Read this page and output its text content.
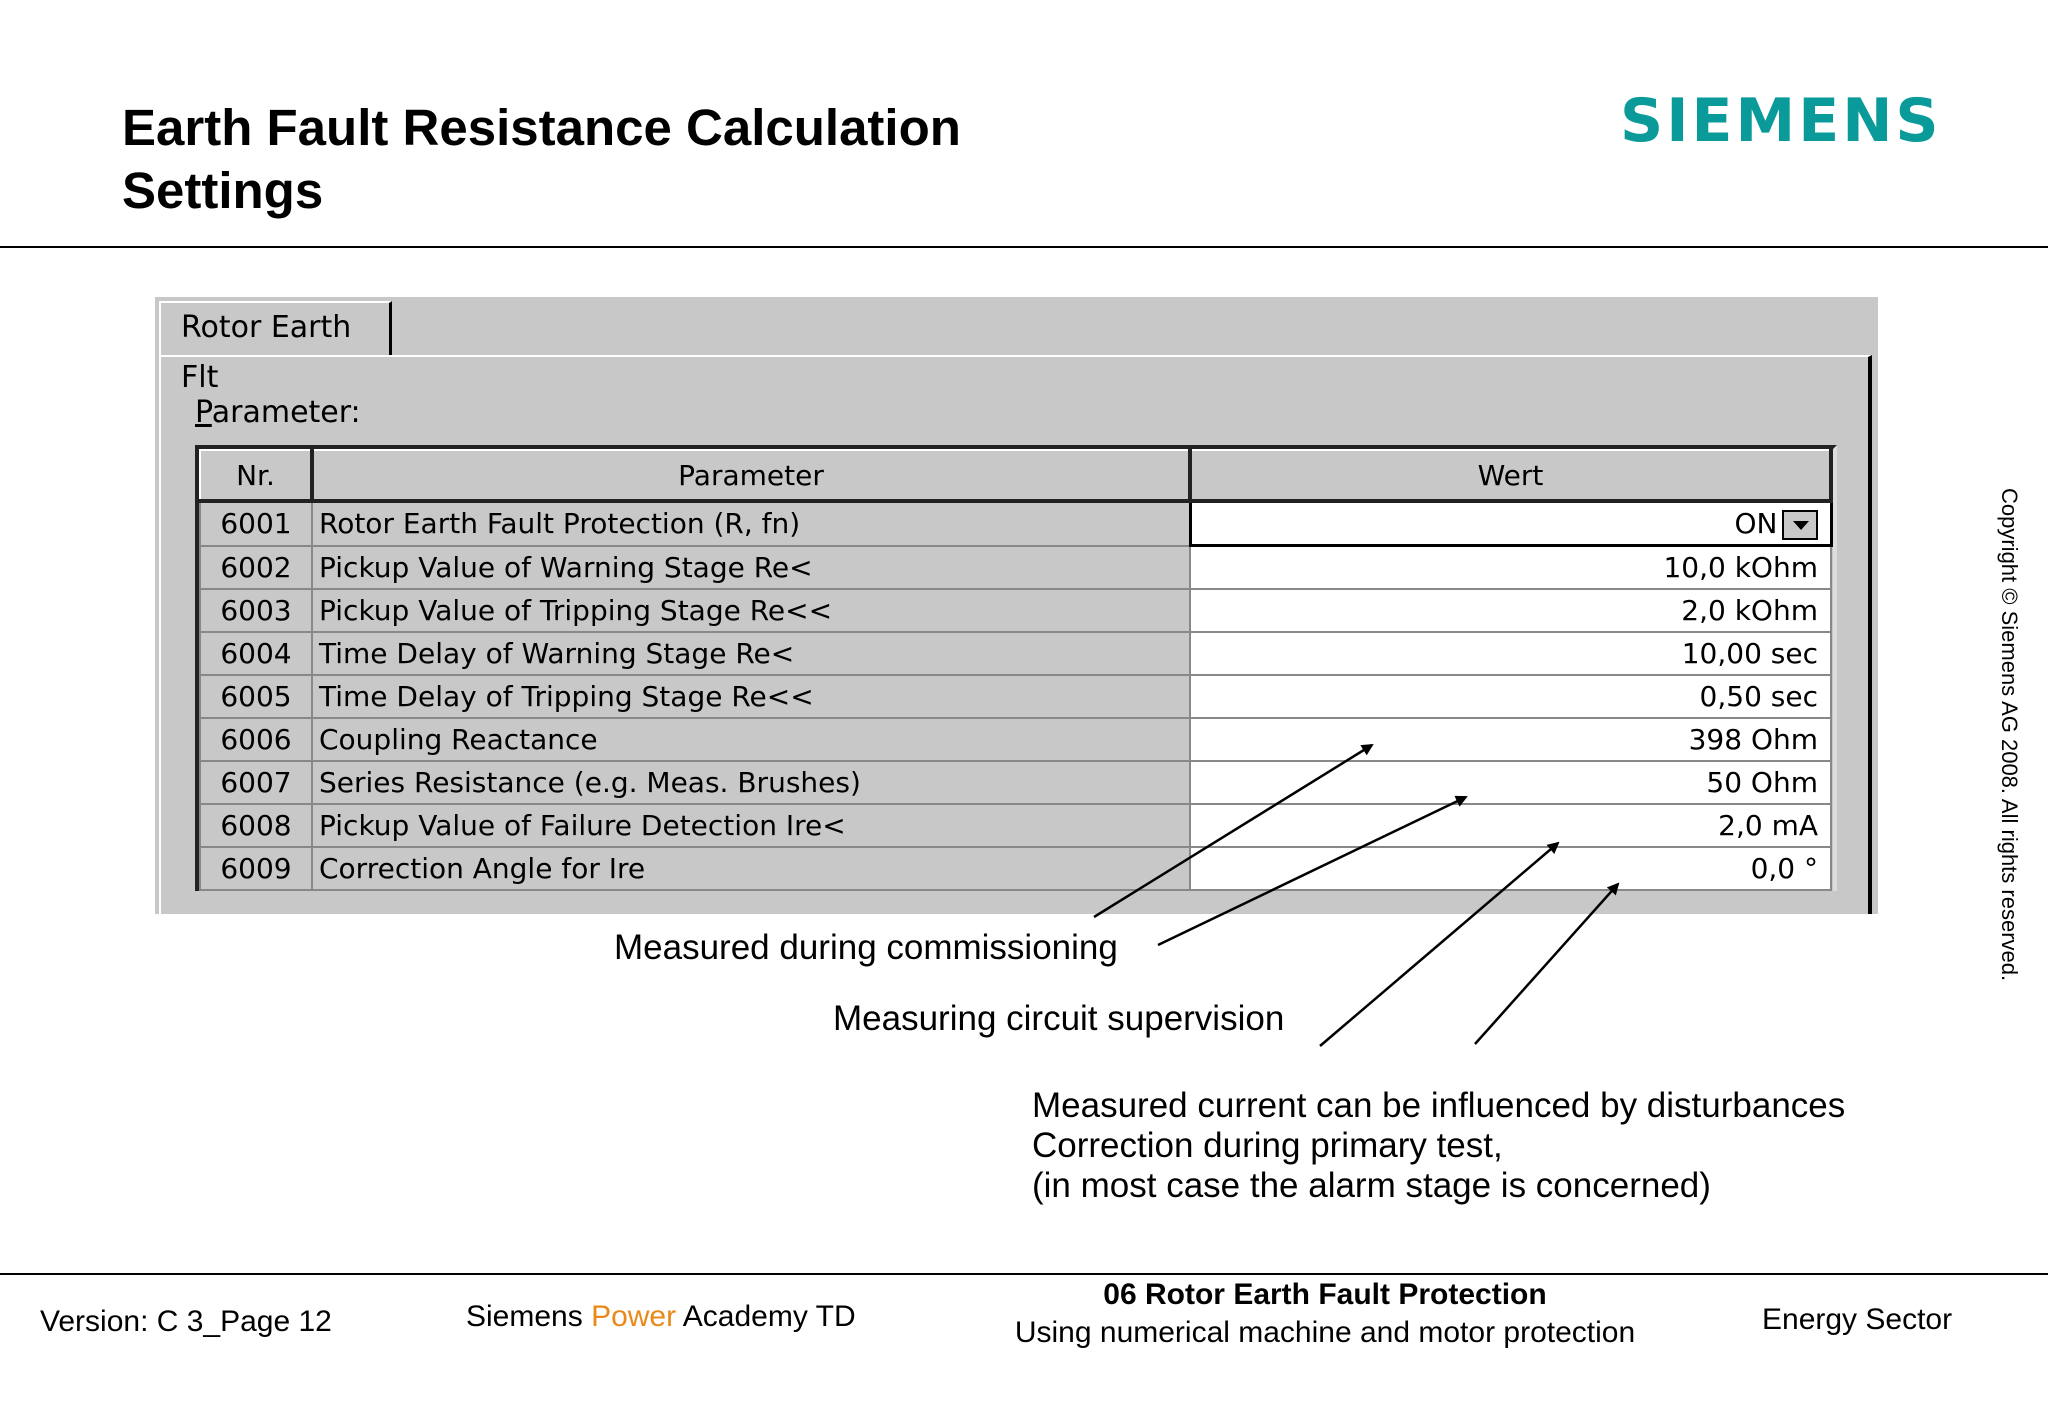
Earth Fault Resistance Calculation
Settings
SIEMENS
Copyright © Siemens AG 2008. All rights reserved.
Rotor Earth Flt
Parameter:
Nr.	Parameter	Wert
6001	Rotor Earth Fault Protection (R, fn)	ON
6002	Pickup Value of Warning Stage Re<	10,0 kOhm
6003	Pickup Value of Tripping Stage Re<<	2,0 kOhm
6004	Time Delay of Warning Stage Re<	10,00 sec
6005	Time Delay of Tripping Stage Re<<	0,50 sec
6006	Coupling Reactance	398 Ohm
6007	Series Resistance (e.g. Meas. Brushes)	50 Ohm
6008	Pickup Value of Failure Detection Ire<	2,0 mA
6009	Correction Angle for Ire	0,0 °
Measured during commissioning
Measuring circuit supervision
Measured current can be influenced by disturbances
Correction during primary test,
(in most case the alarm stage is concerned)
Version: C 3_Page 12	Siemens Power Academy TD
06 Rotor Earth Fault Protection
Using numerical machine and motor protection	Energy Sector
